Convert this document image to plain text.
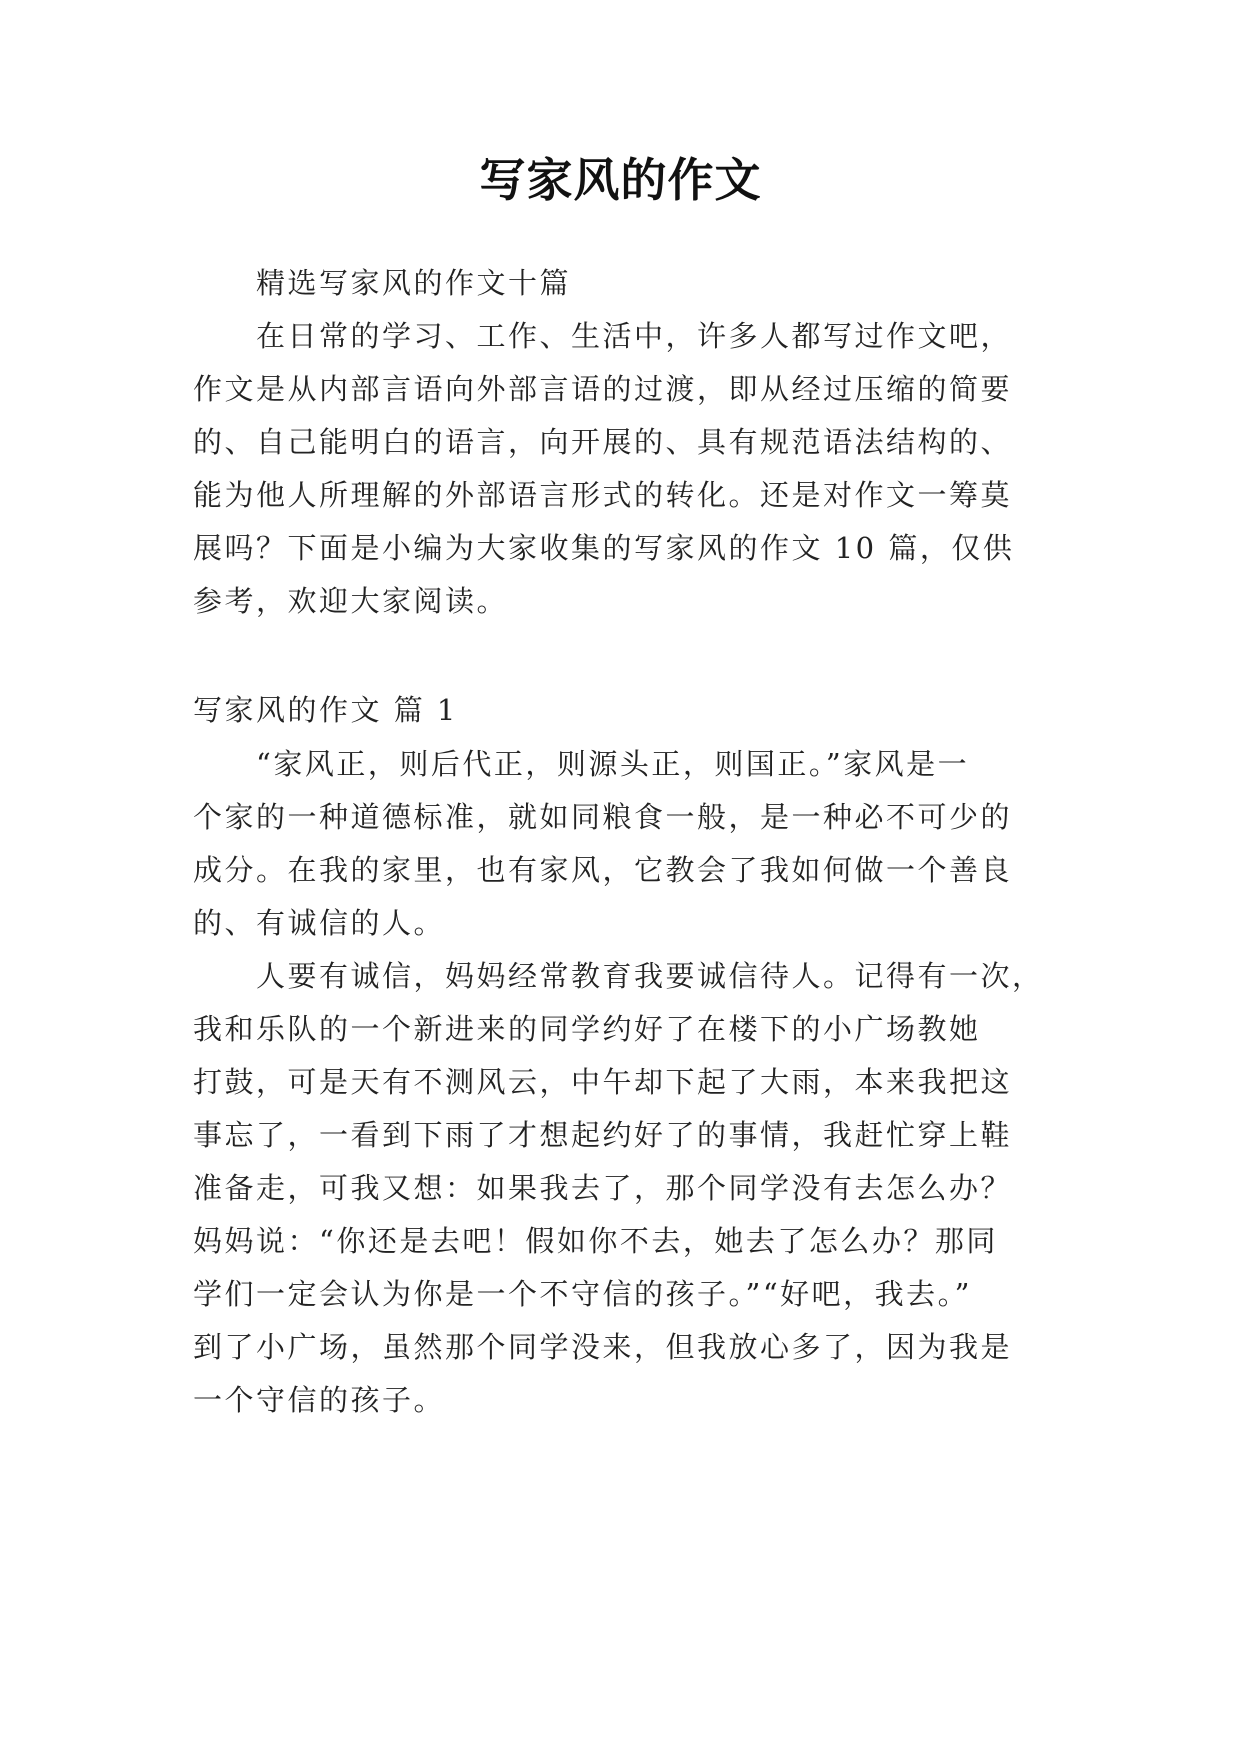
写家风的作文
精选写家风的作文十篇
在日常的学习、工作、生活中，许多人都写过作文吧，
作文是从内部言语向外部言语的过渡，即从经过压缩的简要
的、自己能明白的语言，向开展的、具有规范语法结构的、
能为他人所理解的外部语言形式的转化。还是对作文一筹莫
展吗？下面是小编为大家收集的写家风的作文 10 篇，仅供
参考，欢迎大家阅读。
写家风的作文 篇 1
“家风正，则后代正，则源头正，则国正。”家风是一
个家的一种道德标准，就如同粮食一般，是一种必不可少的
成分。在我的家里，也有家风，它教会了我如何做一个善良
的、有诚信的人。
人要有诚信，妈妈经常教育我要诚信待人。记得有一次，
我和乐队的一个新进来的同学约好了在楼下的小广场教她
打鼓，可是天有不测风云，中午却下起了大雨，本来我把这
事忘了，一看到下雨了才想起约好了的事情，我赶忙穿上鞋
准备走，可我又想：如果我去了，那个同学没有去怎么办？
妈妈说：“你还是去吧！假如你不去，她去了怎么办？那同
学们一定会认为你是一个不守信的孩子。”“好吧，我去。”
到了小广场，虽然那个同学没来，但我放心多了，因为我是
一个守信的孩子。
